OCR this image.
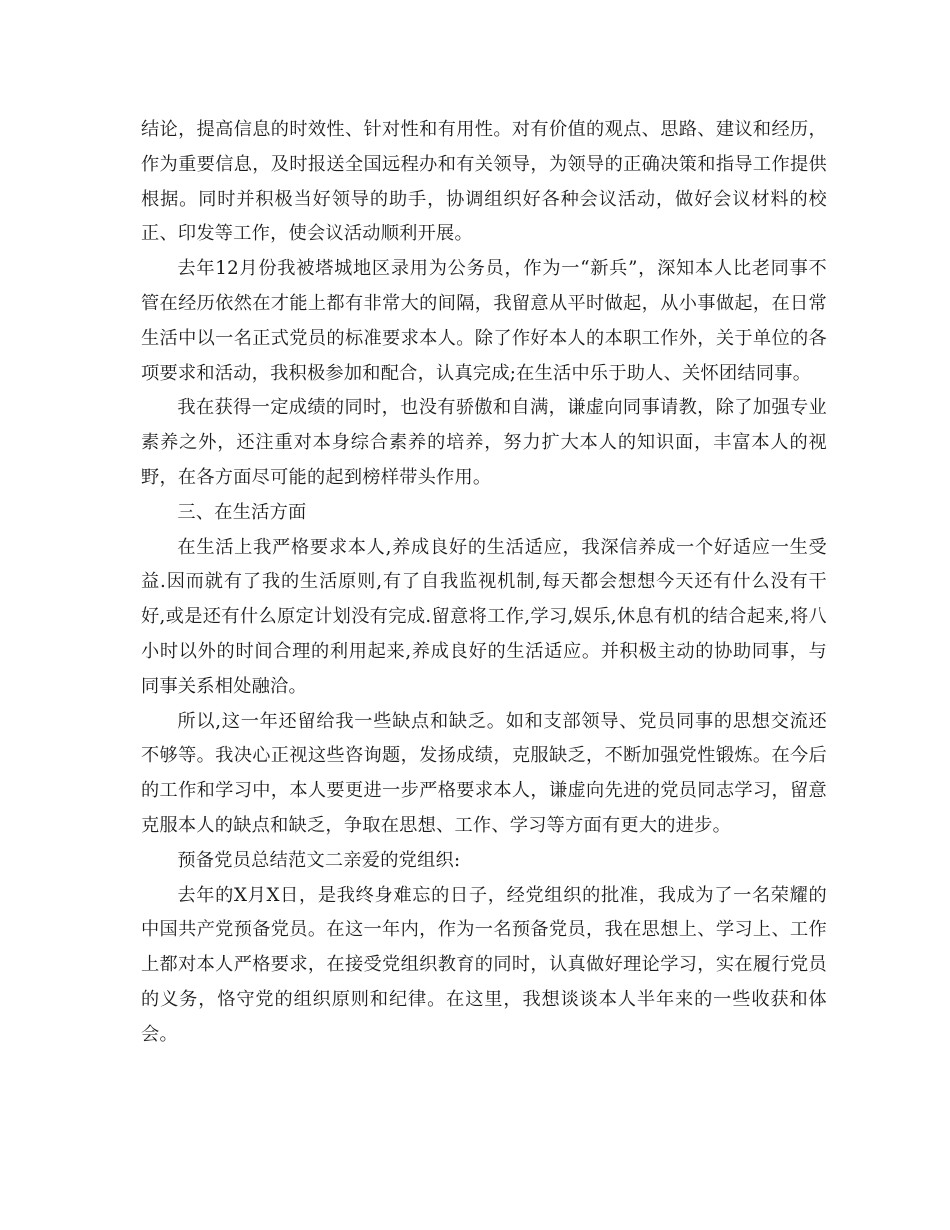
结论，提高信息的时效性、针对性和有用性。对有价值的观点、思路、建议和经历，作为重要信息，及时报送全国远程办和有关领导，为领导的正确决策和指导工作提供根据。同时并积极当好领导的助手，协调组织好各种会议活动，做好会议材料的校正、印发等工作，使会议活动顺利开展。

去年12月份我被塔城地区录用为公务员，作为一“新兵”，深知本人比老同事不管在经历依然在才能上都有非常大的间隔，我留意从平时做起，从小事做起，在日常生活中以一名正式党员的标准要求本人。除了作好本人的本职工作外，关于单位的各项要求和活动，我积极参加和配合，认真完成;在生活中乐于助人、关怀团结同事。

我在获得一定成绩的同时，也没有骄傲和自满，谦虚向同事请教，除了加强专业素养之外，还注重对本身综合素养的培养，努力扩大本人的知识面，丰富本人的视野，在各方面尽可能的起到榜样带头作用。

三、在生活方面

在生活上我严格要求本人,养成良好的生活适应，我深信养成一个好适应一生受益.因而就有了我的生活原则,有了自我监视机制,每天都会想想今天还有什么没有干好,或是还有什么原定计划没有完成.留意将工作,学习,娱乐,休息有机的结合起来,将八小时以外的时间合理的利用起来,养成良好的生活适应。并积极主动的协助同事，与同事关系相处融洽。

所以,这一年还留给我一些缺点和缺乏。如和支部领导、党员同事的思想交流还不够等。我决心正视这些咨询题，发扬成绩，克服缺乏，不断加强党性锻炼。在今后的工作和学习中，本人要更进一步严格要求本人，谦虚向先进的党员同志学习，留意克服本人的缺点和缺乏，争取在思想、工作、学习等方面有更大的进步。

预备党员总结范文二亲爱的党组织:

去年的X月X日，是我终身难忘的日子，经党组织的批准，我成为了一名荣耀的中国共产党预备党员。在这一年内，作为一名预备党员，我在思想上、学习上、工作上都对本人严格要求，在接受党组织教育的同时，认真做好理论学习，实在履行党员的义务，恪守党的组织原则和纪律。在这里，我想谈谈本人半年来的一些收获和体会。
